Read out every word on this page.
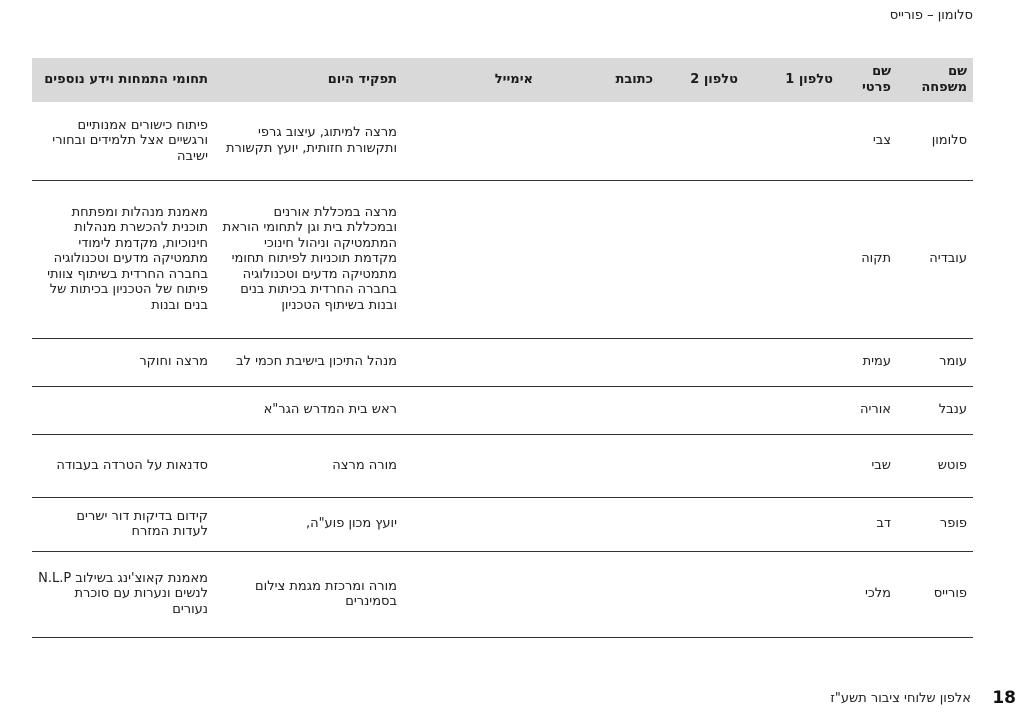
סלומון – פורייס
שם משפחה	שם פרטי	טלפון 1	טלפון 2	כתובת	אימייל	תפקיד היום	תחומי התמחות וידע נוספים
סלומון	צבי					מרצה למיתוג, עיצוב גרפי ותקשורת חזותית, יועץ תקשורת	פיתוח כישורים אמנותיים ורגשיים אצל תלמידים ובחורי ישיבה
עובדיה	תקוה					מרצה במכללת אורנים ובמכללת בית וגן לתחומי הוראת המתמטיקה וניהול חינוכי מקדמת תוכניות לפיתוח תחומי מתמטיקה מדעים וטכנולוגיה בחברה החרדית בכיתות בנים ובנות בשיתוף הטכניון	מאמנת מנהלות ומפתחת תוכנית להכשרת מנהלות חינוכיות, מקדמת לימודי מתמטיקה מדעים וטכנולוגיה בחברה החרדית בשיתוף צוותי פיתוח של הטכניון בכיתות של בנים ובנות
עומר	עמית					מנהל התיכון בישיבת חכמי לב	מרצה וחוקר
ענבל	אוריה					ראש בית המדרש הגר"א	
פוטש	שבי					מורה מרצה	סדנאות על הטרדה בעבודה
פופר	דב					יועץ מכון פוע"ה,	קידום בדיקות דור ישרים לעדות המזרח
פורייס	מלכי					מורה ומרכזת מגמת צילום בסמינרים	מאמנת קאוצ'ינג בשילוב N.L.P לנשים ונערות עם סוכרת נעורים
אלפון שלוחי ציבור תשע"ז 18
